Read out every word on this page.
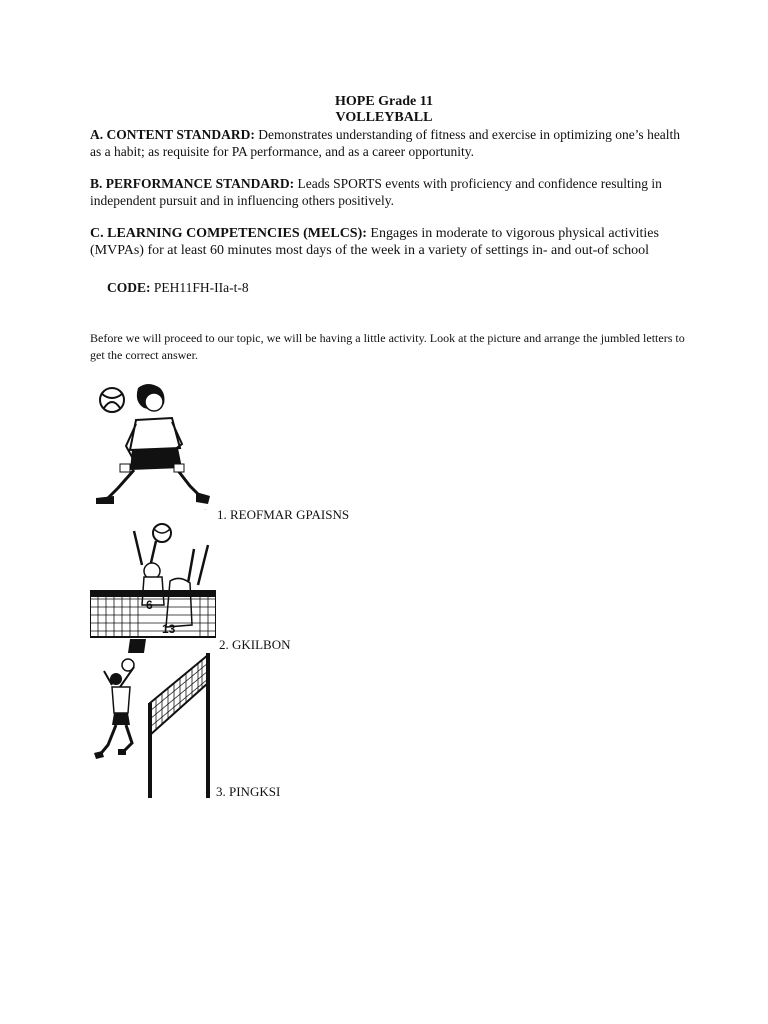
HOPE Grade 11
VOLLEYBALL
A. CONTENT STANDARD: Demonstrates understanding of fitness and exercise in optimizing one’s health as a habit; as requisite for PA performance, and as a career opportunity.
B. PERFORMANCE STANDARD: Leads SPORTS events with proficiency and confidence resulting in independent pursuit and in influencing others positively.
C. LEARNING COMPETENCIES (MELCS): Engages in moderate to vigorous physical activities (MVPAs) for at least 60 minutes most days of the week in a variety of settings in- and out-of school
CODE: PEH11FH-IIa-t-8
Before we will proceed to our topic, we will be having a little activity. Look at the picture and arrange the jumbled letters to get the correct answer.
.. 1. REOFMAR GPAISNS
6
13
2. GKILBON
3. PINGKSI
